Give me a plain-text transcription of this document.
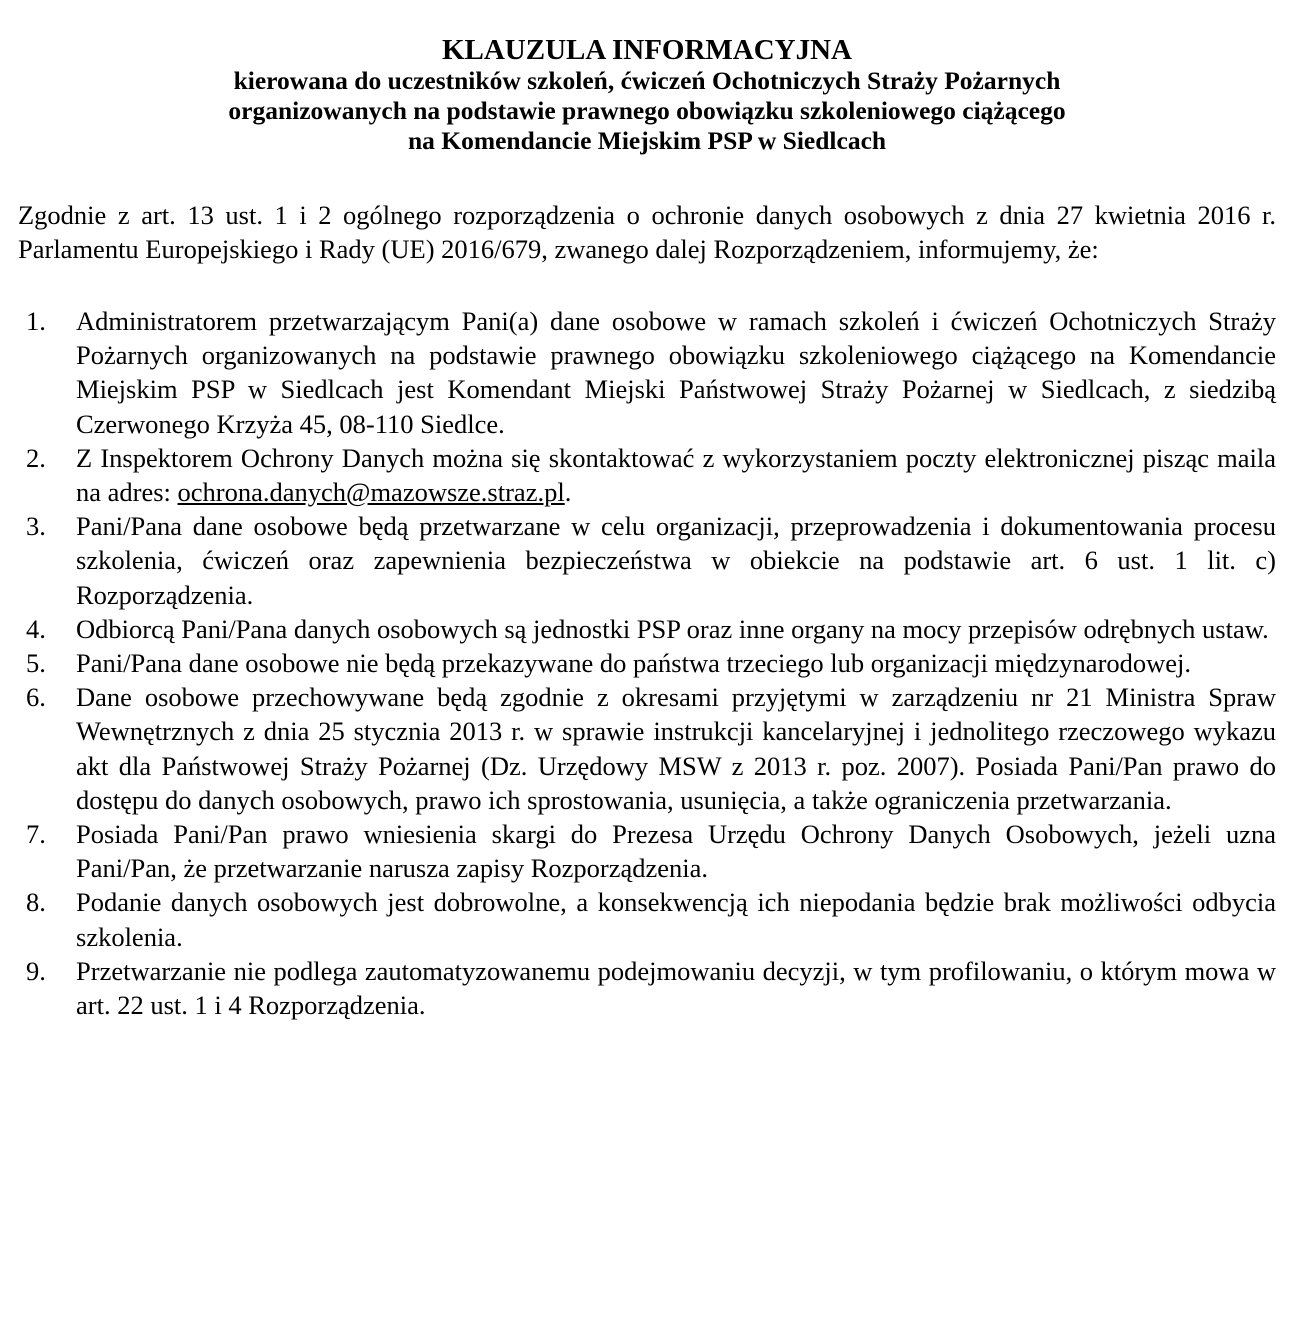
KLAUZULA INFORMACYJNA

kierowana do uczestników szkoleń, ćwiczeń Ochotniczych Straży Pożarnych

organizowanych na podstawie prawnego obowiązku szkoleniowego ciążącego

na Komendancie Miejskim PSP w Siedlcach

Zgodnie z art. 13 ust. 1 i 2 ogólnego rozporządzenia o ochronie danych osobowych z dnia 27 kwietnia 2016 r. Parlamentu Europejskiego i Rady (UE) 2016/679, zwanego dalej Rozporządzeniem, informujemy, że:
1. Administratorem przetwarzającym Pani(a) dane osobowe w ramach szkoleń i ćwiczeń Ochotniczych Straży Pożarnych organizowanych na podstawie prawnego obowiązku szkoleniowego ciążącego na Komendancie Miejskim PSP w Siedlcach jest Komendant Miejski Państwowej Straży Pożarnej w Siedlcach, z siedzibą Czerwonego Krzyża 45, 08-110 Siedlce.
2. Z Inspektorem Ochrony Danych można się skontaktować z wykorzystaniem poczty elektronicznej pisząc maila na adres: ochrona.danych@mazowsze.straz.pl.
3. Pani/Pana dane osobowe będą przetwarzane w celu organizacji, przeprowadzenia i dokumentowania procesu szkolenia, ćwiczeń oraz zapewnienia bezpieczeństwa w obiekcie na podstawie art. 6 ust. 1 lit. c) Rozporządzenia.
4. Odbiorcą Pani/Pana danych osobowych są jednostki PSP oraz inne organy na mocy przepisów odrębnych ustaw.
5. Pani/Pana dane osobowe nie będą przekazywane do państwa trzeciego lub organizacji międzynarodowej.
6. Dane osobowe przechowywane będą zgodnie z okresami przyjętymi w zarządzeniu nr 21 Ministra Spraw Wewnętrznych z dnia 25 stycznia 2013 r. w sprawie instrukcji kancelaryjnej i jednolitego rzeczowego wykazu akt dla Państwowej Straży Pożarnej (Dz. Urzędowy MSW z 2013 r. poz. 2007). Posiada Pani/Pan prawo do dostępu do danych osobowych, prawo ich sprostowania, usunięcia, a także ograniczenia przetwarzania.
7. Posiada Pani/Pan prawo wniesienia skargi do Prezesa Urzędu Ochrony Danych Osobowych, jeżeli uzna Pani/Pan, że przetwarzanie narusza zapisy Rozporządzenia.
8. Podanie danych osobowych jest dobrowolne, a konsekwencją ich niepodania będzie brak możliwości odbycia szkolenia.
9. Przetwarzanie nie podlega zautomatyzowanemu podejmowaniu decyzji, w tym profilowaniu, o którym mowa w art. 22 ust. 1 i 4 Rozporządzenia.
